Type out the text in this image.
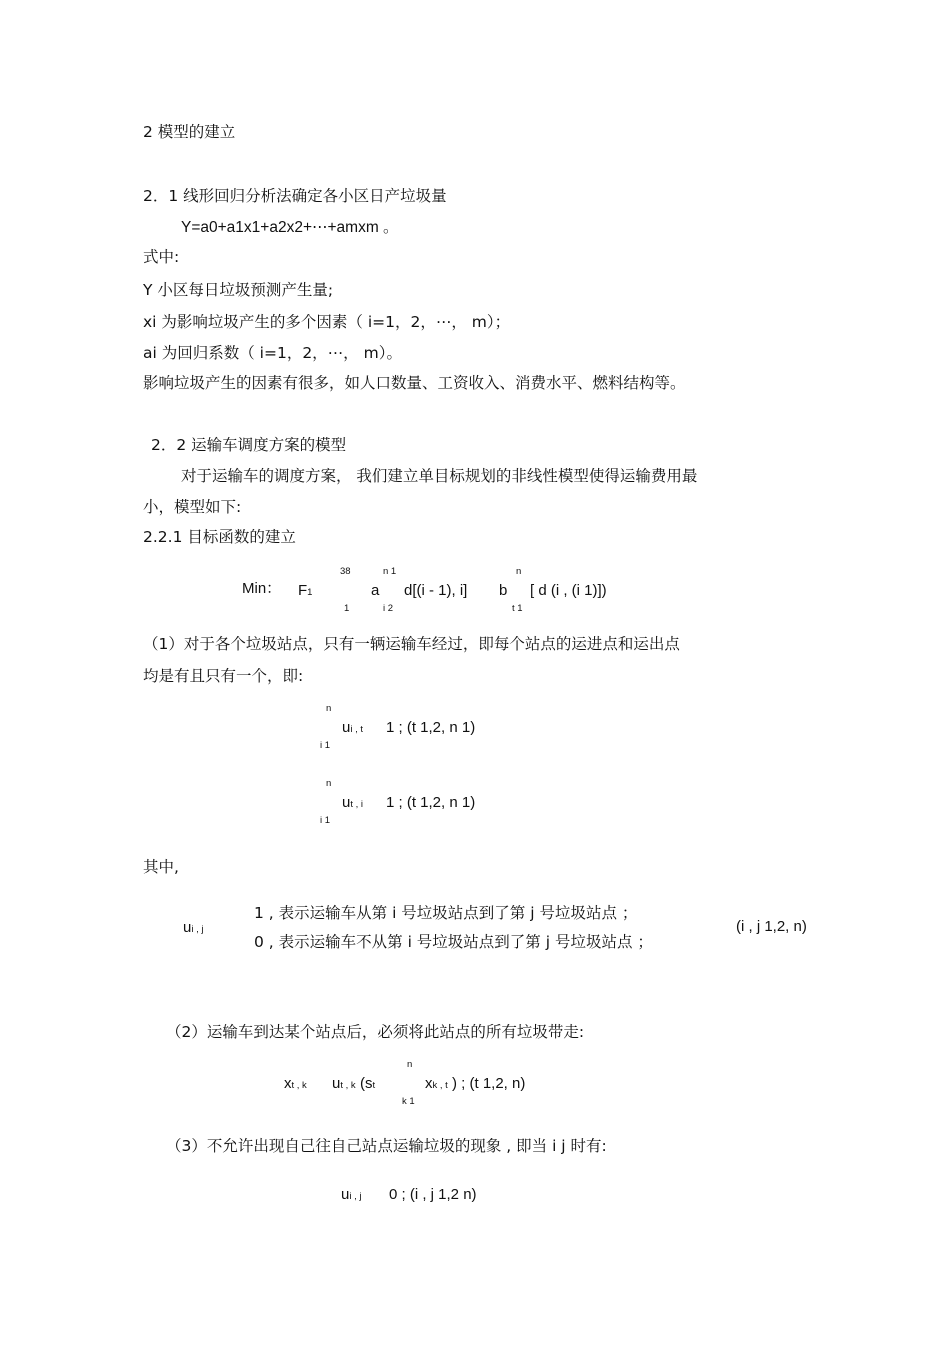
2 模型的建立
2．1 线形回归分析法确定各小区日产垃圾量
Y=a0+a1x1+a2x2+⋯+amxm 。
式中:
Y 小区每日垃圾预测产生量;
xi 为影响垃圾产生的多个因素（ i=1，2，⋯， m）；
ai 为回归系数（ i=1，2，⋯， m）。
影响垃圾产生的因素有很多，如人口数量、工资收入、消费水平、燃料结构等。
2．2 运输车调度方案的模型
对于运输车的调度方案， 我们建立单目标规划的非线性模型使得运输费用最
小，模型如下:
2.2.1 目标函数的建立
38	n 1	n
Min： F1	a d[(i - 1), i] b [ d (i , (i 1)])
1	i 2	t 1
（1）对于各个垃圾站点，只有一辆运输车经过，即每个站点的运进点和运出点
均是有且只有一个，即:
n
ui , t 1 ; (t 1,2, n 1)
i 1
n
ut , i 1 ; (t 1,2, n 1)
i 1
其中,
ui , j
1 , 表示运输车从第 i 号垃圾站点到了第 j 号垃圾站点 ；
0 , 表示运输车不从第 i 号垃圾站点到了第 j 号垃圾站点 ；
(i , j 1,2, n)
（2）运输车到达某个站点后，必须将此站点的所有垃圾带走:
n
xt , k ut , k (st	xk , t ) ; (t 1,2, n)
k 1
（3）不允许出现自己往自己站点运输垃圾的现象 , 即当 i j 时有:
ui , j 0 ; (i , j 1,2 n)
